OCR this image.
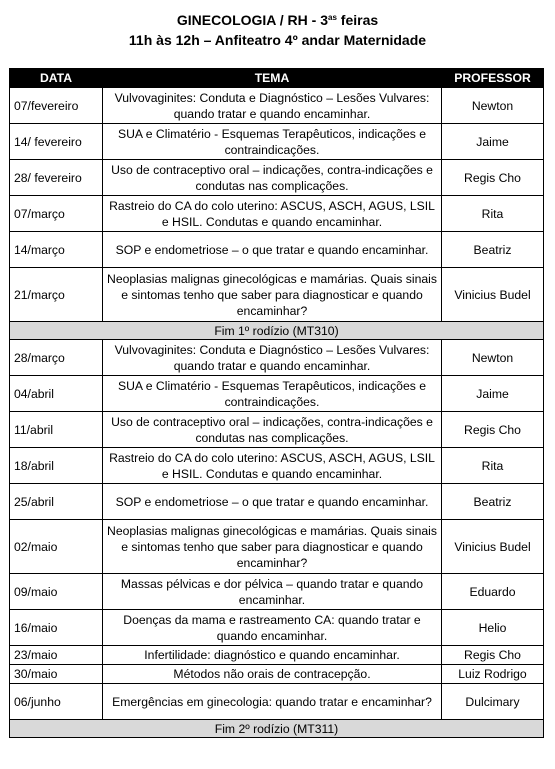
GINECOLOGIA / RH - $3^{as}$ feiras
11h às 12h – Anfiteatro 4º andar Maternidade
DATA	TEMA	PROFESSOR
07/fevereiro	Vulvovaginites: Conduta e Diagnóstico – Lesões Vulvares: quando tratar e quando encaminhar.	Newton
14/ fevereiro	SUA e Climatério - Esquemas Terapêuticos, indicações e contraindicações.	Jaime
28/ fevereiro	Uso de contraceptivo oral – indicações, contra-indicações e condutas nas complicações.	Regis Cho
07/março	Rastreio do CA do colo uterino: ASCUS, ASCH, AGUS, LSIL e HSIL. Condutas e quando encaminhar.	Rita
14/março	SOP e endometriose – o que tratar e quando encaminhar.	Beatriz
21/março	Neoplasias malignas ginecológicas e mamárias. Quais sinais e sintomas tenho que saber para diagnosticar e quando encaminhar?	Vinicius Budel
Fim 1º rodízio (MT310)		
28/março	Vulvovaginites: Conduta e Diagnóstico – Lesões Vulvares: quando tratar e quando encaminhar.	Newton
04/abril	SUA e Climatério - Esquemas Terapêuticos, indicações e contraindicações.	Jaime
11/abril	Uso de contraceptivo oral – indicações, contra-indicações e condutas nas complicações.	Regis Cho
18/abril	Rastreio do CA do colo uterino: ASCUS, ASCH, AGUS, LSIL e HSIL. Condutas e quando encaminhar.	Rita
25/abril	SOP e endometriose – o que tratar e quando encaminhar.	Beatriz
02/maio	Neoplasias malignas ginecológicas e mamárias. Quais sinais e sintomas tenho que saber para diagnosticar e quando encaminhar?	Vinicius Budel
09/maio	Massas pélvicas e dor pélvica – quando tratar e quando encaminhar.	Eduardo
16/maio	Doenças da mama e rastreamento CA: quando tratar e quando encaminhar.	Helio
23/maio	Infertilidade: diagnóstico e quando encaminhar.	Regis Cho
30/maio	Métodos não orais de contracepção.	Luiz Rodrigo
06/junho	Emergências em ginecologia: quando tratar e encaminhar?	Dulcimary
Fim 2º rodízio (MT311)		
